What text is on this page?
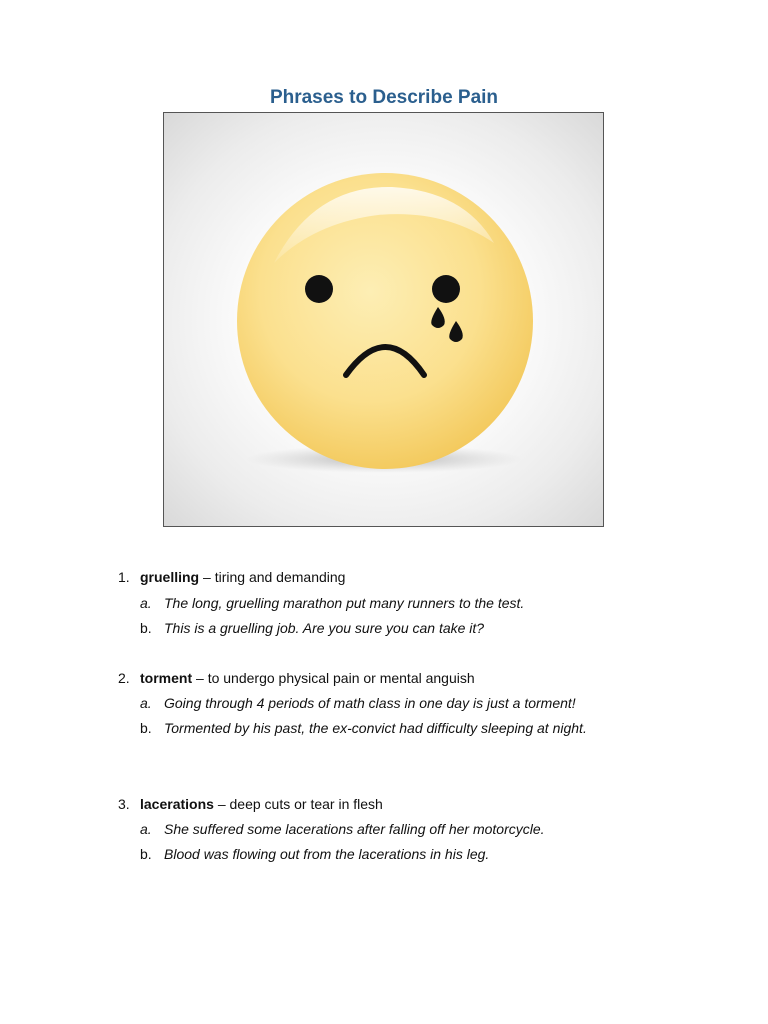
Phrases to Describe Pain
1. gruelling – tiring and demanding
a. The long, gruelling marathon put many runners to the test.
b. This is a gruelling job. Are you sure you can take it?
2. torment – to undergo physical pain or mental anguish
a. Going through 4 periods of math class in one day is just a torment!
b. Tormented by his past, the ex-convict had difficulty sleeping at night.
3. lacerations – deep cuts or tear in flesh
a. She suffered some lacerations after falling off her motorcycle.
b. Blood was flowing out from the lacerations in his leg.
